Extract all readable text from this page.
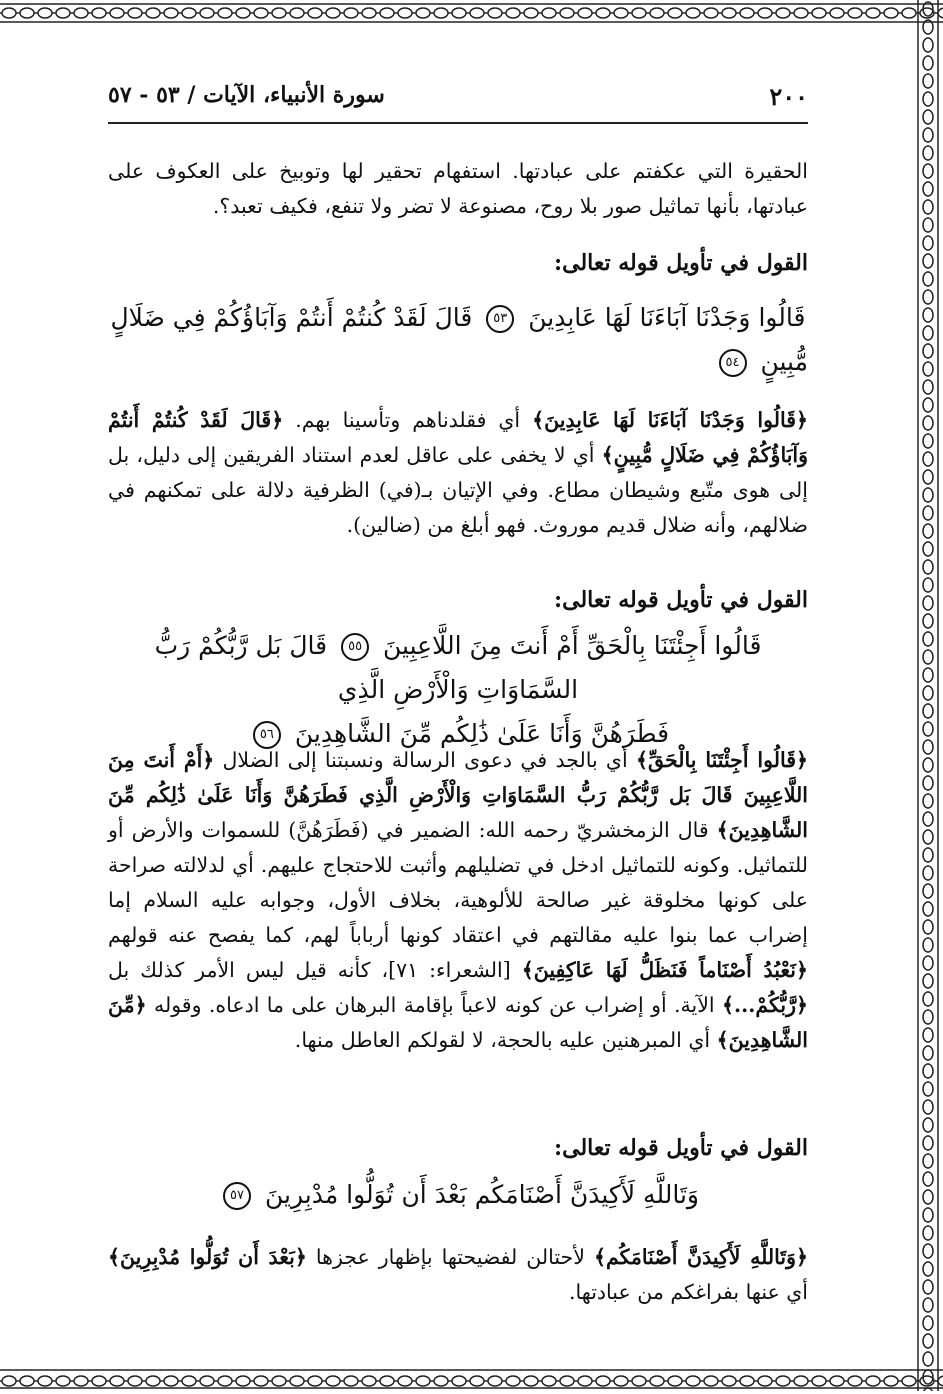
٢٠٠
سورة الأنبياء، الآيات / ٥٣ - ٥٧

الحقيرة التي عكفتم على عبادتها. استفهام تحقير لها وتوبيخ على العكوف على عبادتها، بأنها تماثيل صور بلا روح، مصنوعة لا تضر ولا تنفع، فكيف تعبد؟.

القول في تأويل قوله تعالى:

قَالُوا وَجَدْنَا آبَاءَنَا لَهَا عَابِدِينَ ٥٣ قَالَ لَقَدْ كُنتُمْ أَنتُمْ وَآبَاؤُكُمْ فِي ضَلَالٍ

مُّبِينٍ ٥٤

﴿قَالُوا وَجَدْنَا آبَاءَنَا لَهَا عَابِدِينَ﴾ أي فقلدناهم وتأسينا بهم. ﴿قَالَ لَقَدْ كُنتُمْ أَنتُمْ وَآبَاؤُكُمْ فِي ضَلَالٍ مُّبِينٍ﴾ أي لا يخفى على عاقل لعدم استناد الفريقين إلى دليل، بل إلى هوى متّبع وشيطان مطاع. وفي الإتيان بـ(في) الظرفية دلالة على تمكنهم في ضلالهم، وأنه ضلال قديم موروث. فهو أبلغ من (ضالين).

القول في تأويل قوله تعالى:

قَالُوا أَجِئْتَنَا بِالْحَقِّ أَمْ أَنتَ مِنَ اللَّاعِبِينَ ٥٥ قَالَ بَل رَّبُّكُمْ رَبُّ السَّمَاوَاتِ وَالْأَرْضِ الَّذِي

فَطَرَهُنَّ وَأَنَا عَلَىٰ ذَٰلِكُم مِّنَ الشَّاهِدِينَ ٥٦

﴿قَالُوا أَجِئْتَنَا بِالْحَقِّ﴾ أي بالجد في دعوى الرسالة ونسبتنا إلى الضلال ﴿أَمْ أَنتَ مِنَ اللَّاعِبِينَ قَالَ بَل رَّبُّكُمْ رَبُّ السَّمَاوَاتِ وَالْأَرْضِ الَّذِي فَطَرَهُنَّ وَأَنَا عَلَىٰ ذَٰلِكُم مِّنَ الشَّاهِدِينَ﴾ قال الزمخشريّ رحمه الله: الضمير في (فَطَرَهُنَّ) للسموات والأرض أو للتماثيل. وكونه للتماثيل ادخل في تضليلهم وأثبت للاحتجاج عليهم. أي لدلالته صراحة على كونها مخلوقة غير صالحة للألوهية، بخلاف الأول، وجوابه عليه السلام إما إضراب عما بنوا عليه مقالتهم في اعتقاد كونها أرباباً لهم، كما يفصح عنه قولهم ﴿نَعْبُدُ أَصْنَاماً فَنَظَلُّ لَهَا عَاكِفِينَ﴾ [الشعراء: ٧١]، كأنه قيل ليس الأمر كذلك بل ﴿رَّبُّكُمْ...﴾ الآية. أو إضراب عن كونه لاعباً بإقامة البرهان على ما ادعاه. وقوله ﴿مِّنَ الشَّاهِدِينَ﴾ أي المبرهنين عليه بالحجة، لا لقولكم العاطل منها.

القول في تأويل قوله تعالى:

وَتَاللَّهِ لَأَكِيدَنَّ أَصْنَامَكُم بَعْدَ أَن تُوَلُّوا مُدْبِرِينَ ٥٧

﴿وَتَاللَّهِ لَأَكِيدَنَّ أَصْنَامَكُم﴾ لأحتالن لفضيحتها بإظهار عجزها ﴿بَعْدَ أَن تُوَلُّوا مُدْبِرِينَ﴾ أي عنها بفراغكم من عبادتها.
